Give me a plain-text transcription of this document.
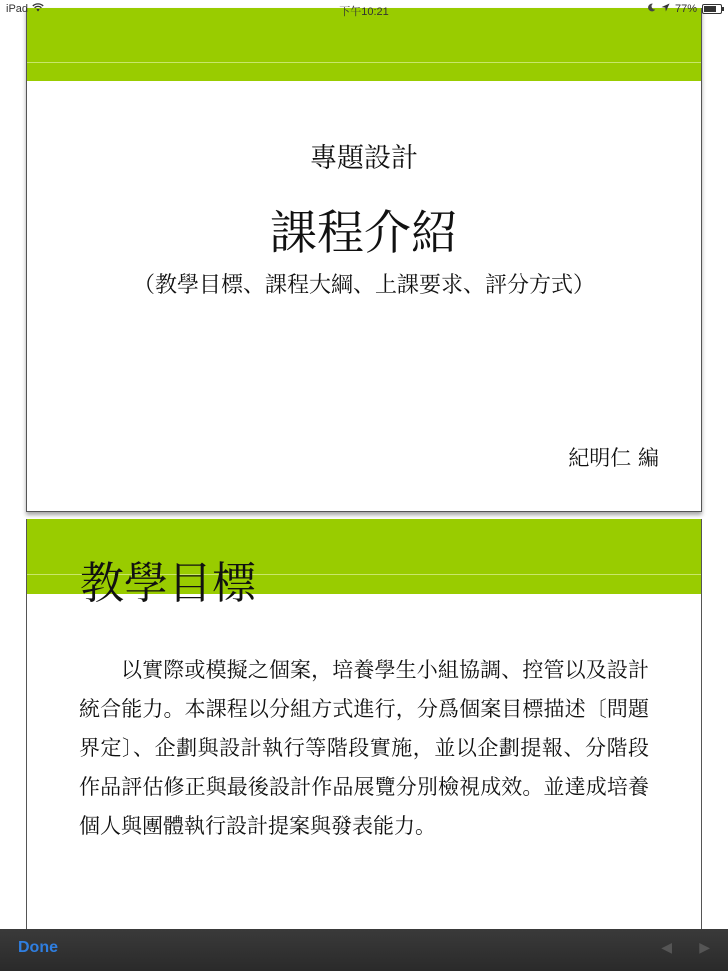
iPad	下午10:21	77%
專題設計
課程介紹
（教學目標、課程大綱、上課要求、評分方式）
紀明仁 編
教學目標
以實際或模擬之個案，培養學生小組協調、控管以及設計統合能力。本課程以分組方式進行，分爲個案目標描述〔問題界定〕、企劃與設計執行等階段實施，並以企劃提報、分階段作品評估修正與最後設計作品展覽分別檢視成效。並達成培養個人與團體執行設計提案與發表能力。
Done	◀ ▶
